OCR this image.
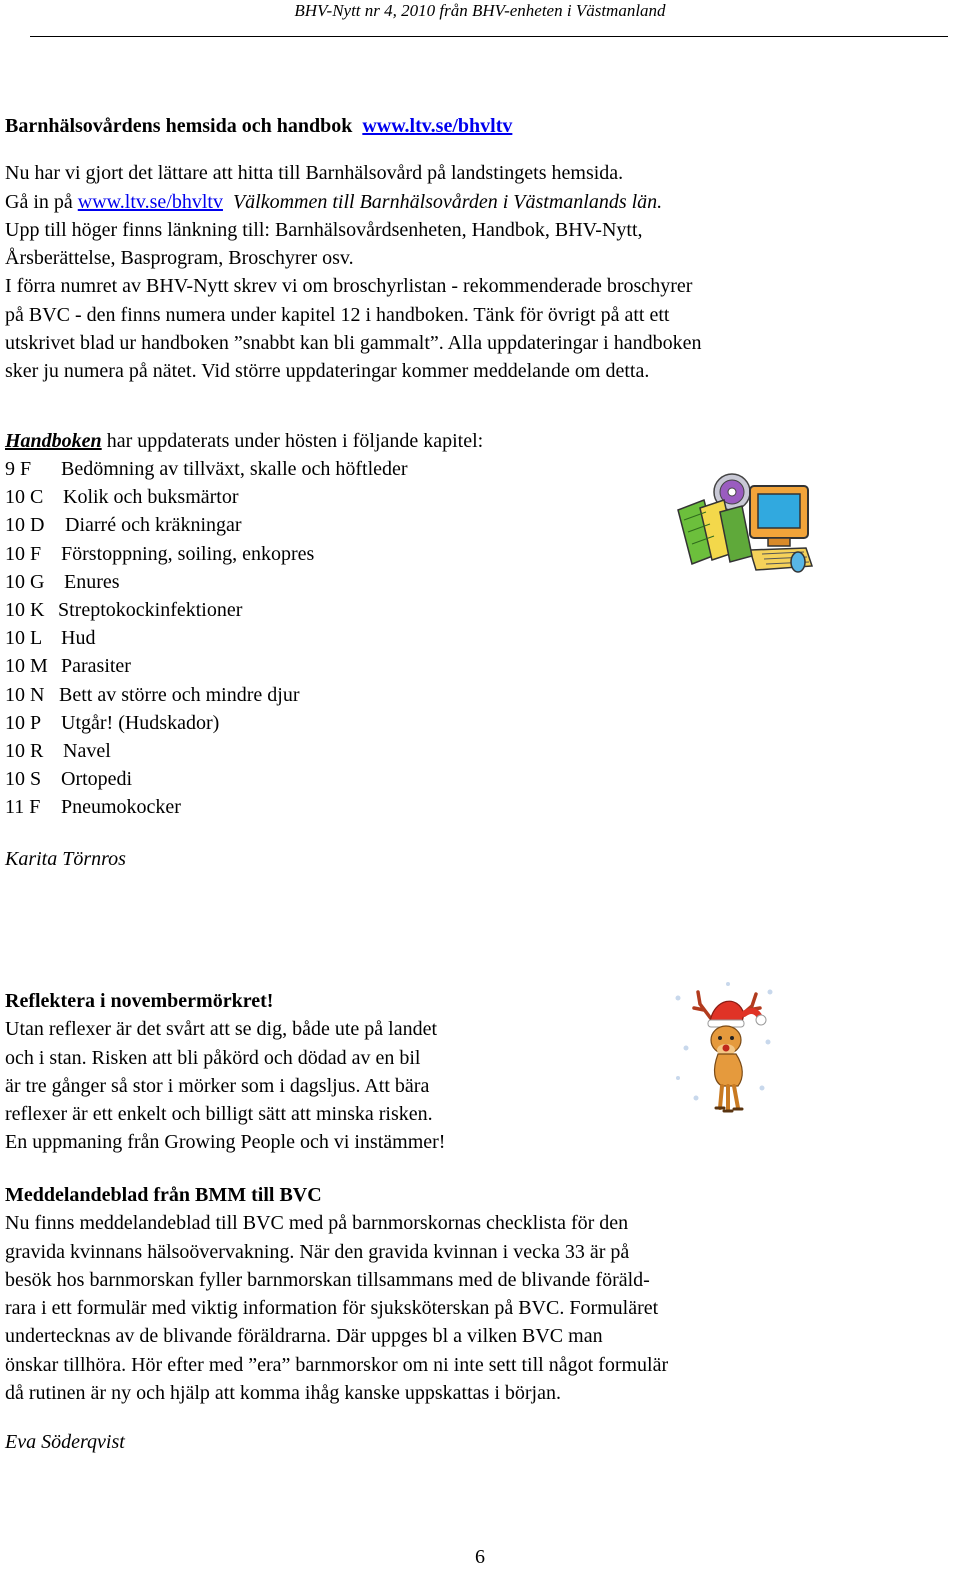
BHV-Nytt nr 4, 2010 från BHV-enheten i Västmanland

Barnhälsovårdens hemsida och handbok www.ltv.se/bhvltv

Nu har vi gjort det lättare att hitta till Barnhälsovård på landstingets hemsida.

Gå in på www.ltv.se/bhvltv Välkommen till Barnhälsovården i Västmanlands län.

Upp till höger finns länkning till: Barnhälsovårdsenheten, Handbok, BHV-Nytt,

Årsberättelse, Basprogram, Broschyrer osv.

I förra numret av BHV-Nytt skrev vi om broschyrlistan - rekommenderade broschyrer

på BVC - den finns numera under kapitel 12 i handboken. Tänk för övrigt på att ett

utskrivet blad ur handboken ”snabbt kan bli gammalt”. Alla uppdateringar i handboken

sker ju numera på nätet. Vid större uppdateringar kommer meddelande om detta.

Handboken har uppdaterats under hösten i följande kapitel:

9 F Bedömning av tillväxt, skalle och höftleder
10 C Kolik och buksmärtor
10 D Diarré och kräkningar
10 F Förstoppning, soiling, enkopres
10 G Enures
10 K Streptokockinfektioner
10 L Hud
10 M Parasiter
10 N Bett av större och mindre djur
10 P Utgår! (Hudskador)
10 R Navel
10 S Ortopedi
11 F Pneumokocker
Karita Törnros

Reflektera i novembermörkret!

Utan reflexer är det svårt att se dig, både ute på landet

och i stan. Risken att bli påkörd och dödad av en bil

är tre gånger så stor i mörker som i dagsljus. Att bära

reflexer är ett enkelt och billigt sätt att minska risken.

En uppmaning från Growing People och vi instämmer!

Meddelandeblad från BMM till BVC

Nu finns meddelandeblad till BVC med på barnmorskornas checklista för den

gravida kvinnans hälsoövervakning. När den gravida kvinnan i vecka 33 är på

besök hos barnmorskan fyller barnmorskan tillsammans med de blivande föräld-

rara i ett formulär med viktig information för sjuksköterskan på BVC. Formuläret

undertecknas av de blivande föräldrarna. Där uppges bl a vilken BVC man

önskar tillhöra. Hör efter med ”era” barnmorskor om ni inte sett till något formulär

då rutinen är ny och hjälp att komma ihåg kanske uppskattas i början.

Eva Söderqvist
6
